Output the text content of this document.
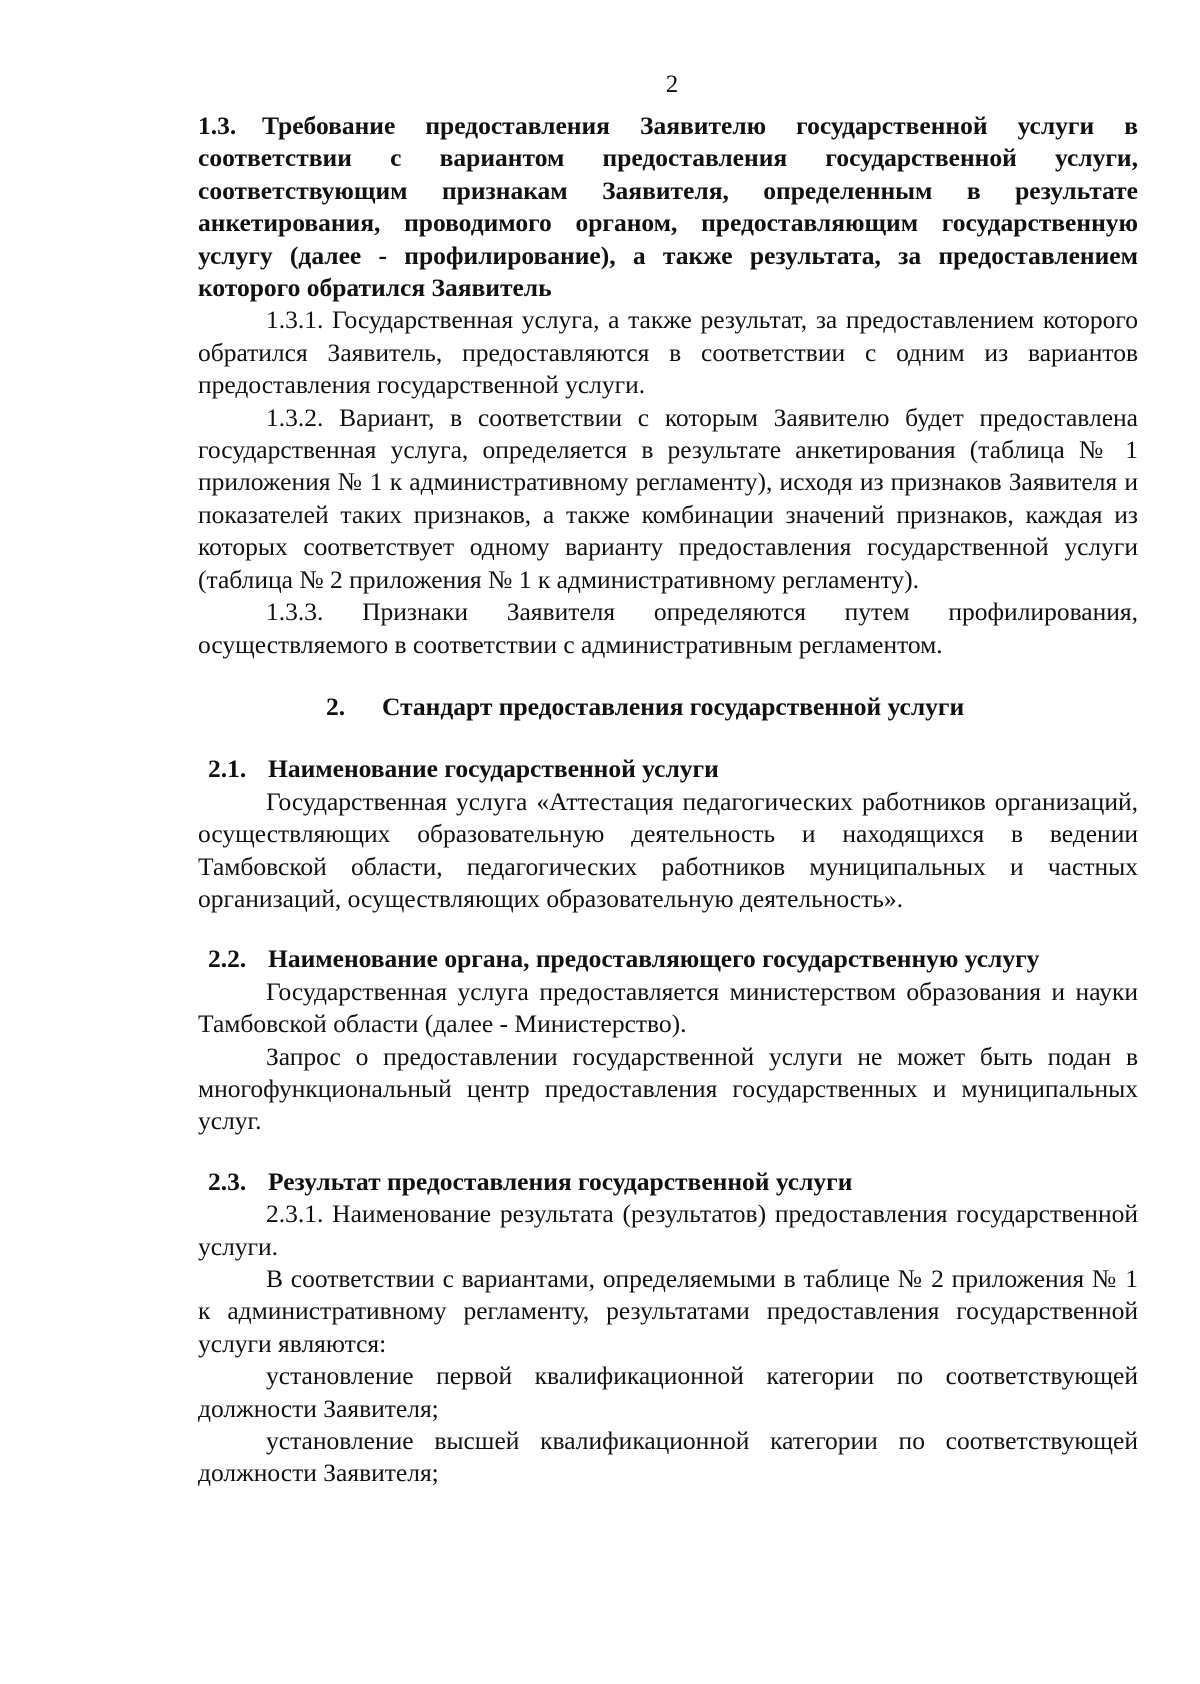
2

1.3. Требование предоставления Заявителю государственной услуги в соответствии с вариантом предоставления государственной услуги, соответствующим признакам Заявителя, определенным в результате анкетирования, проводимого органом, предоставляющим государственную услугу (далее - профилирование), а также результата, за предоставлением которого обратился Заявитель

1.3.1. Государственная услуга, а также результат, за предоставлением которого обратился Заявитель, предоставляются в соответствии с одним из вариантов предоставления государственной услуги.

1.3.2. Вариант, в соответствии с которым Заявителю будет предоставлена государственная услуга, определяется в результате анкетирования (таблица № 1 приложения № 1 к административному регламенту), исходя из признаков Заявителя и показателей таких признаков, а также комбинации значений признаков, каждая из которых соответствует одному варианту предоставления государственной услуги (таблица № 2 приложения № 1 к административному регламенту).

1.3.3. Признаки Заявителя определяются путем профилирования, осуществляемого в соответствии с административным регламентом.

2. Стандарт предоставления государственной услуги

2.1. Наименование государственной услуги

Государственная услуга «Аттестация педагогических работников организаций, осуществляющих образовательную деятельность и находящихся в ведении Тамбовской области, педагогических работников муниципальных и частных организаций, осуществляющих образовательную деятельность».

2.2. Наименование органа, предоставляющего государственную услугу

Государственная услуга предоставляется министерством образования и науки Тамбовской области (далее - Министерство).

Запрос о предоставлении государственной услуги не может быть подан в многофункциональный центр предоставления государственных и муниципальных услуг.

2.3. Результат предоставления государственной услуги

2.3.1. Наименование результата (результатов) предоставления государственной услуги.

В соответствии с вариантами, определяемыми в таблице № 2 приложения № 1 к административному регламенту, результатами предоставления государственной услуги являются:

установление первой квалификационной категории по соответствующей должности Заявителя;

установление высшей квалификационной категории по соответствующей должности Заявителя;
